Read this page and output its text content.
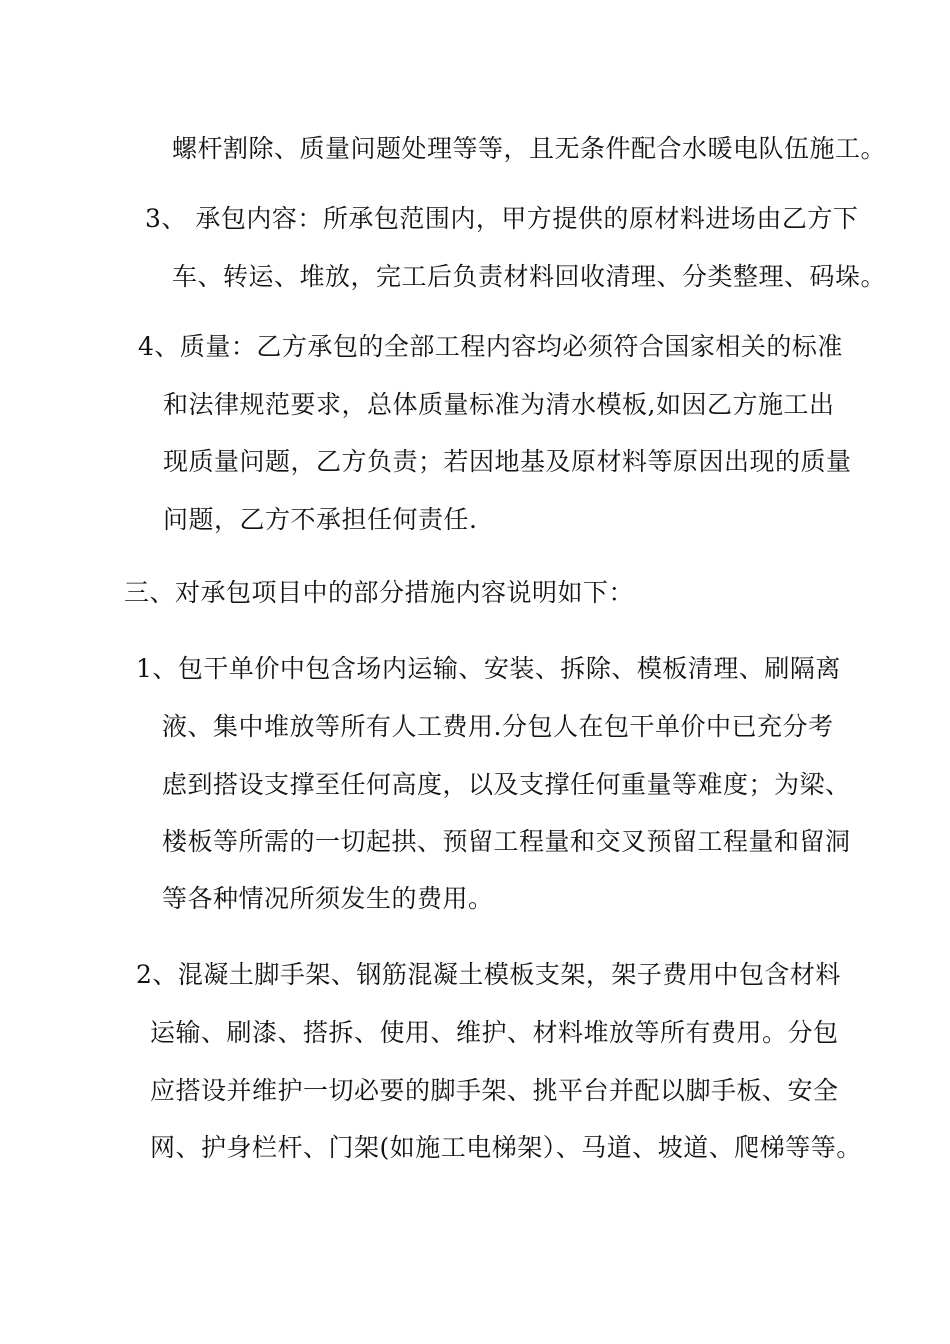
螺杆割除、质量问题处理等等，且无条件配合水暖电队伍施工。
3、 承包内容：所承包范围内，甲方提供的原材料进场由乙方下
车、转运、堆放，完工后负责材料回收清理、分类整理、码垛。
4、质量：乙方承包的全部工程内容均必须符合国家相关的标准
和法律规范要求，总体质量标准为清水模板,如因乙方施工出
现质量问题，乙方负责；若因地基及原材料等原因出现的质量
问题，乙方不承担任何责任.
三、对承包项目中的部分措施内容说明如下：
1、包干单价中包含场内运输、安装、拆除、模板清理、刷隔离
液、集中堆放等所有人工费用.分包人在包干单价中已充分考
虑到搭设支撑至任何高度，以及支撑任何重量等难度；为梁、
楼板等所需的一切起拱、预留工程量和交叉预留工程量和留洞
等各种情况所须发生的费用。
2、混凝土脚手架、钢筋混凝土模板支架，架子费用中包含材料
运输、刷漆、搭拆、使用、维护、材料堆放等所有费用。分包
应搭设并维护一切必要的脚手架、挑平台并配以脚手板、安全
网、护身栏杆、门架(如施工电梯架）、马道、坡道、爬梯等等。
